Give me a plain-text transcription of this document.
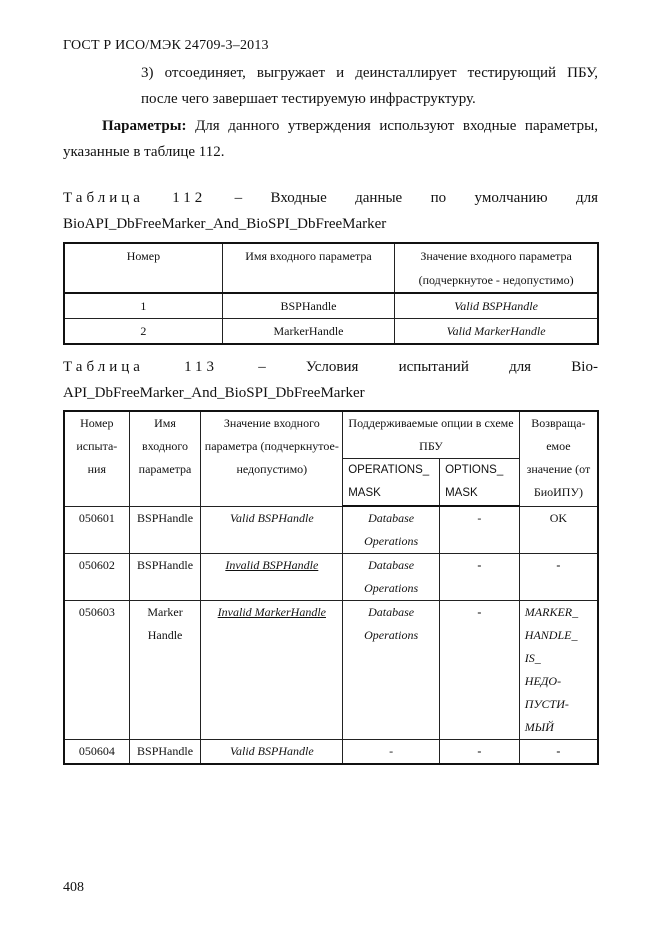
ГОСТ Р ИСО/МЭК 24709-3–2013
3) отсоединяет, выгружает и деинсталлирует тестирующий ПБУ,
после чего завершает тестируемую инфраструктуру.
Параметры: Для данного утверждения используют входные параметры,
указанные в таблице 112.
Таблица 112 – Входные данные по умолчанию для
BioAPI_DbFreeMarker_And_BioSPI_DbFreeMarker
Номер	Имя входного параметра	Значение входного параметра (подчеркнутое - недопустимо)
1	BSPHandle	Valid BSPHandle
2	MarkerHandle	Valid MarkerHandle
Таблица	113	–	Условия	испытаний	для	Bio-
API_DbFreeMarker_And_BioSPI_DbFreeMarker
Номер испыта-ния	Имя входного параметра	Значение входного параметра (подчеркнутое-недопустимо)	Поддерживаемые опции в схеме ПБУ		Возвраща-емое значение (от БиоИПУ)
			OPERATIONS_ MASK	OPTIONS_ MASK	
050601	BSPHandle	Valid BSPHandle	Database Operations	-	OK
050602	BSPHandle	Invalid BSPHandle	Database Operations	-	-
050603	Marker Handle	Invalid MarkerHandle	Database Operations	-	MARKER_ HANDLE_ IS_ НЕДО-ПУСТИ-МЫЙ
050604	BSPHandle	Valid BSPHandle	-	-	-
408
